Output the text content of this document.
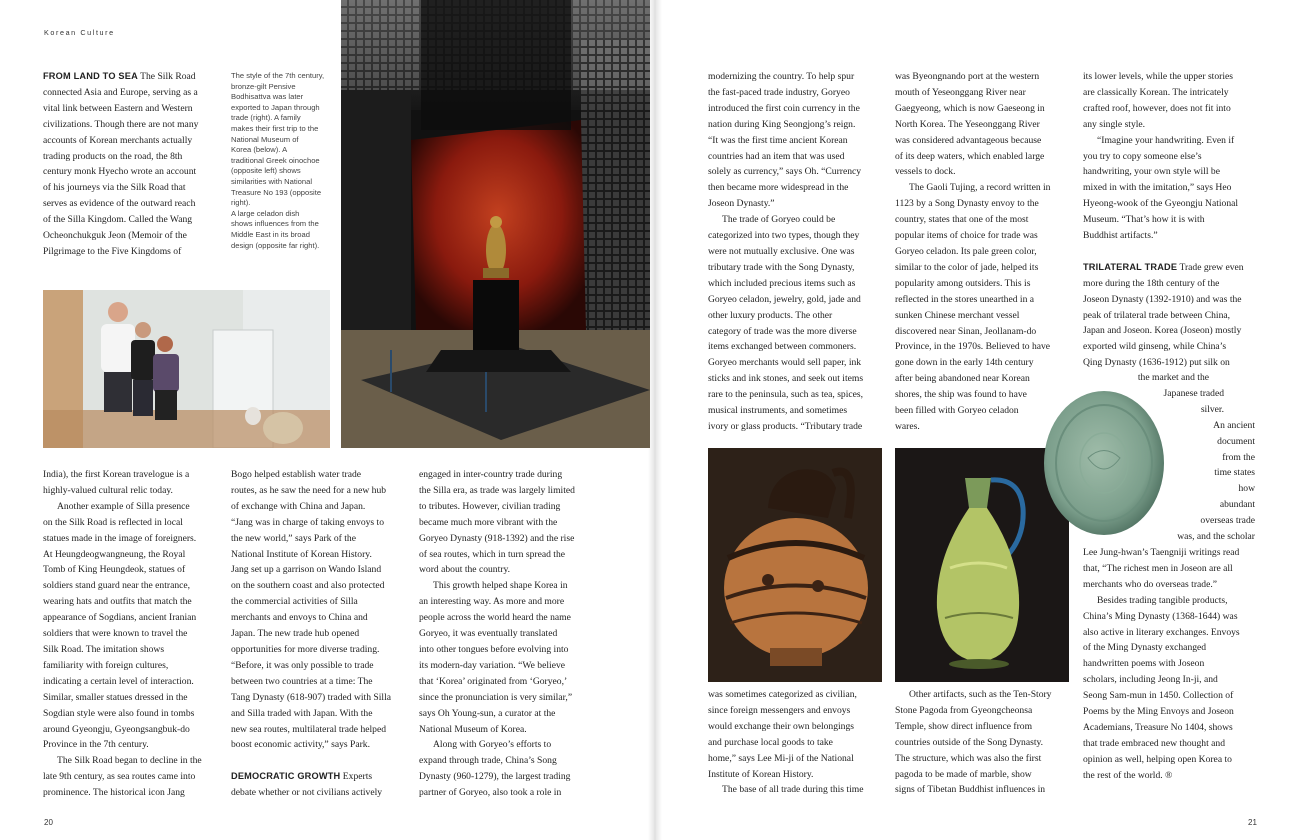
Korean Culture
FROM LAND TO SEA The Silk Road
connected Asia and Europe, serving as a
vital link between Eastern and Western
civilizations. Though there are not many
accounts of Korean merchants actually
trading products on the road, the 8th
century monk Hyecho wrote an account
of his journeys via the Silk Road that
serves as evidence of the outward reach
of the Silla Kingdom. Called the Wang
Ocheonchukguk Jeon (Memoir of the
Pilgrimage to the Five Kingdoms of
The style of the 7th century,
bronze-gilt Pensive
Bodhisattva was later
exported to Japan through
trade (right). A family
makes their first trip to the
National Museum of
Korea (below). A
traditional Greek oinochoe
(opposite left) shows
similarities with National
Treasure No 193 (opposite
right).
A large celadon dish
shows influences from the
Middle East in its broad
design (opposite far right).
India), the first Korean travelogue is a
highly-valued cultural relic today.
Another example of Silla presence
on the Silk Road is reflected in local
statues made in the image of foreigners.
At Heungdeogwangneung, the Royal
Tomb of King Heungdeok, statues of
soldiers stand guard near the entrance,
wearing hats and outfits that match the
appearance of Sogdians, ancient Iranian
soldiers that were known to travel the
Silk Road. The imitation shows
familiarity with foreign cultures,
indicating a certain level of interaction.
Similar, smaller statues dressed in the
Sogdian style were also found in tombs
around Gyeongju, Gyeongsangbuk-do
Province in the 7th century.
The Silk Road began to decline in the
late 9th century, as sea routes came into
prominence. The historical icon Jang
Bogo helped establish water trade
routes, as he saw the need for a new hub
of exchange with China and Japan.
“Jang was in charge of taking envoys to
the new world,” says Park of the
National Institute of Korean History.
Jang set up a garrison on Wando Island
on the southern coast and also protected
the commercial activities of Silla
merchants and envoys to China and
Japan. The new trade hub opened
opportunities for more diverse trading.
“Before, it was only possible to trade
between two countries at a time: The
Tang Dynasty (618-907) traded with Silla
and Silla traded with Japan. With the
new sea routes, multilateral trade helped
boost economic activity,” says Park.
DEMOCRATIC GROWTH Experts
debate whether or not civilians actively
engaged in inter-country trade during
the Silla era, as trade was largely limited
to tributes. However, civilian trading
became much more vibrant with the
Goryeo Dynasty (918-1392) and the rise
of sea routes, which in turn spread the
word about the country.
This growth helped shape Korea in
an interesting way. As more and more
people across the world heard the name
Goryeo, it was eventually translated
into other tongues before evolving into
its modern-day variation. “We believe
that ‘Korea’ originated from ‘Goryeo,’
since the pronunciation is very similar,”
says Oh Young-sun, a curator at the
National Museum of Korea.
Along with Goryeo’s efforts to
expand through trade, China’s Song
Dynasty (960-1279), the largest trading
partner of Goryeo, also took a role in
20
modernizing the country. To help spur
the fast-paced trade industry, Goryeo
introduced the first coin currency in the
nation during King Seongjong’s reign.
“It was the first time ancient Korean
countries had an item that was used
solely as currency,” says Oh. “Currency
then became more widespread in the
Joseon Dynasty.”
The trade of Goryeo could be
categorized into two types, though they
were not mutually exclusive. One was
tributary trade with the Song Dynasty,
which included precious items such as
Goryeo celadon, jewelry, gold, jade and
other luxury products. The other
category of trade was the more diverse
items exchanged between commoners.
Goryeo merchants would sell paper, ink
sticks and ink stones, and seek out items
rare to the peninsula, such as tea, spices,
musical instruments, and sometimes
ivory or glass products. “Tributary trade
was sometimes categorized as civilian,
since foreign messengers and envoys
would exchange their own belongings
and purchase local goods to take
home,” says Lee Mi-ji of the National
Institute of Korean History.
The base of all trade during this time
was Byeongnando port at the western
mouth of Yeseonggang River near
Gaegyeong, which is now Gaeseong in
North Korea. The Yeseonggang River
was considered advantageous because
of its deep waters, which enabled large
vessels to dock.
The Gaoli Tujing, a record written in
1123 by a Song Dynasty envoy to the
country, states that one of the most
popular items of choice for trade was
Goryeo celadon. Its pale green color,
similar to the color of jade, helped its
popularity among outsiders. This is
reflected in the stores unearthed in a
sunken Chinese merchant vessel
discovered near Sinan, Jeollanam-do
Province, in the 1970s. Believed to have
gone down in the early 14th century
after being abandoned near Korean
shores, the ship was found to have
been filled with Goryeo celadon
wares.
Other artifacts, such as the Ten-Story
Stone Pagoda from Gyeongcheonsa
Temple, show direct influence from
countries outside of the Song Dynasty.
The structure, which was also the first
pagoda to be made of marble, show
signs of Tibetan Buddhist influences in
its lower levels, while the upper stories
are classically Korean. The intricately
crafted roof, however, does not fit into
any single style.
“Imagine your handwriting. Even if
you try to copy someone else’s
handwriting, your own style will be
mixed in with the imitation,” says Heo
Hyeong-wook of the Gyeongju National
Museum. “That’s how it is with
Buddhist artifacts.”
TRILATERAL TRADE Trade grew even
more during the 18th century of the
Joseon Dynasty (1392-1910) and was the
peak of trilateral trade between China,
Japan and Joseon. Korea (Joseon) mostly
exported wild ginseng, while China’s
Qing Dynasty (1636-1912) put silk on
the market and the
Japanese traded
silver.
An ancient
document
from the
time states
how
abundant
overseas trade
was, and the scholar
Lee Jung-hwan’s Taengniji writings read
that, “The richest men in Joseon are all
merchants who do overseas trade.”
Besides trading tangible products,
China’s Ming Dynasty (1368-1644) was
also active in literary exchanges. Envoys
of the Ming Dynasty exchanged
handwritten poems with Joseon
scholars, including Jeong In-ji, and
Seong Sam-mun in 1450. Collection of
Poems by the Ming Envoys and Joseon
Academians, Treasure No 1404, shows
that trade embraced new thought and
opinion as well, helping open Korea to
the rest of the world. ®
21
